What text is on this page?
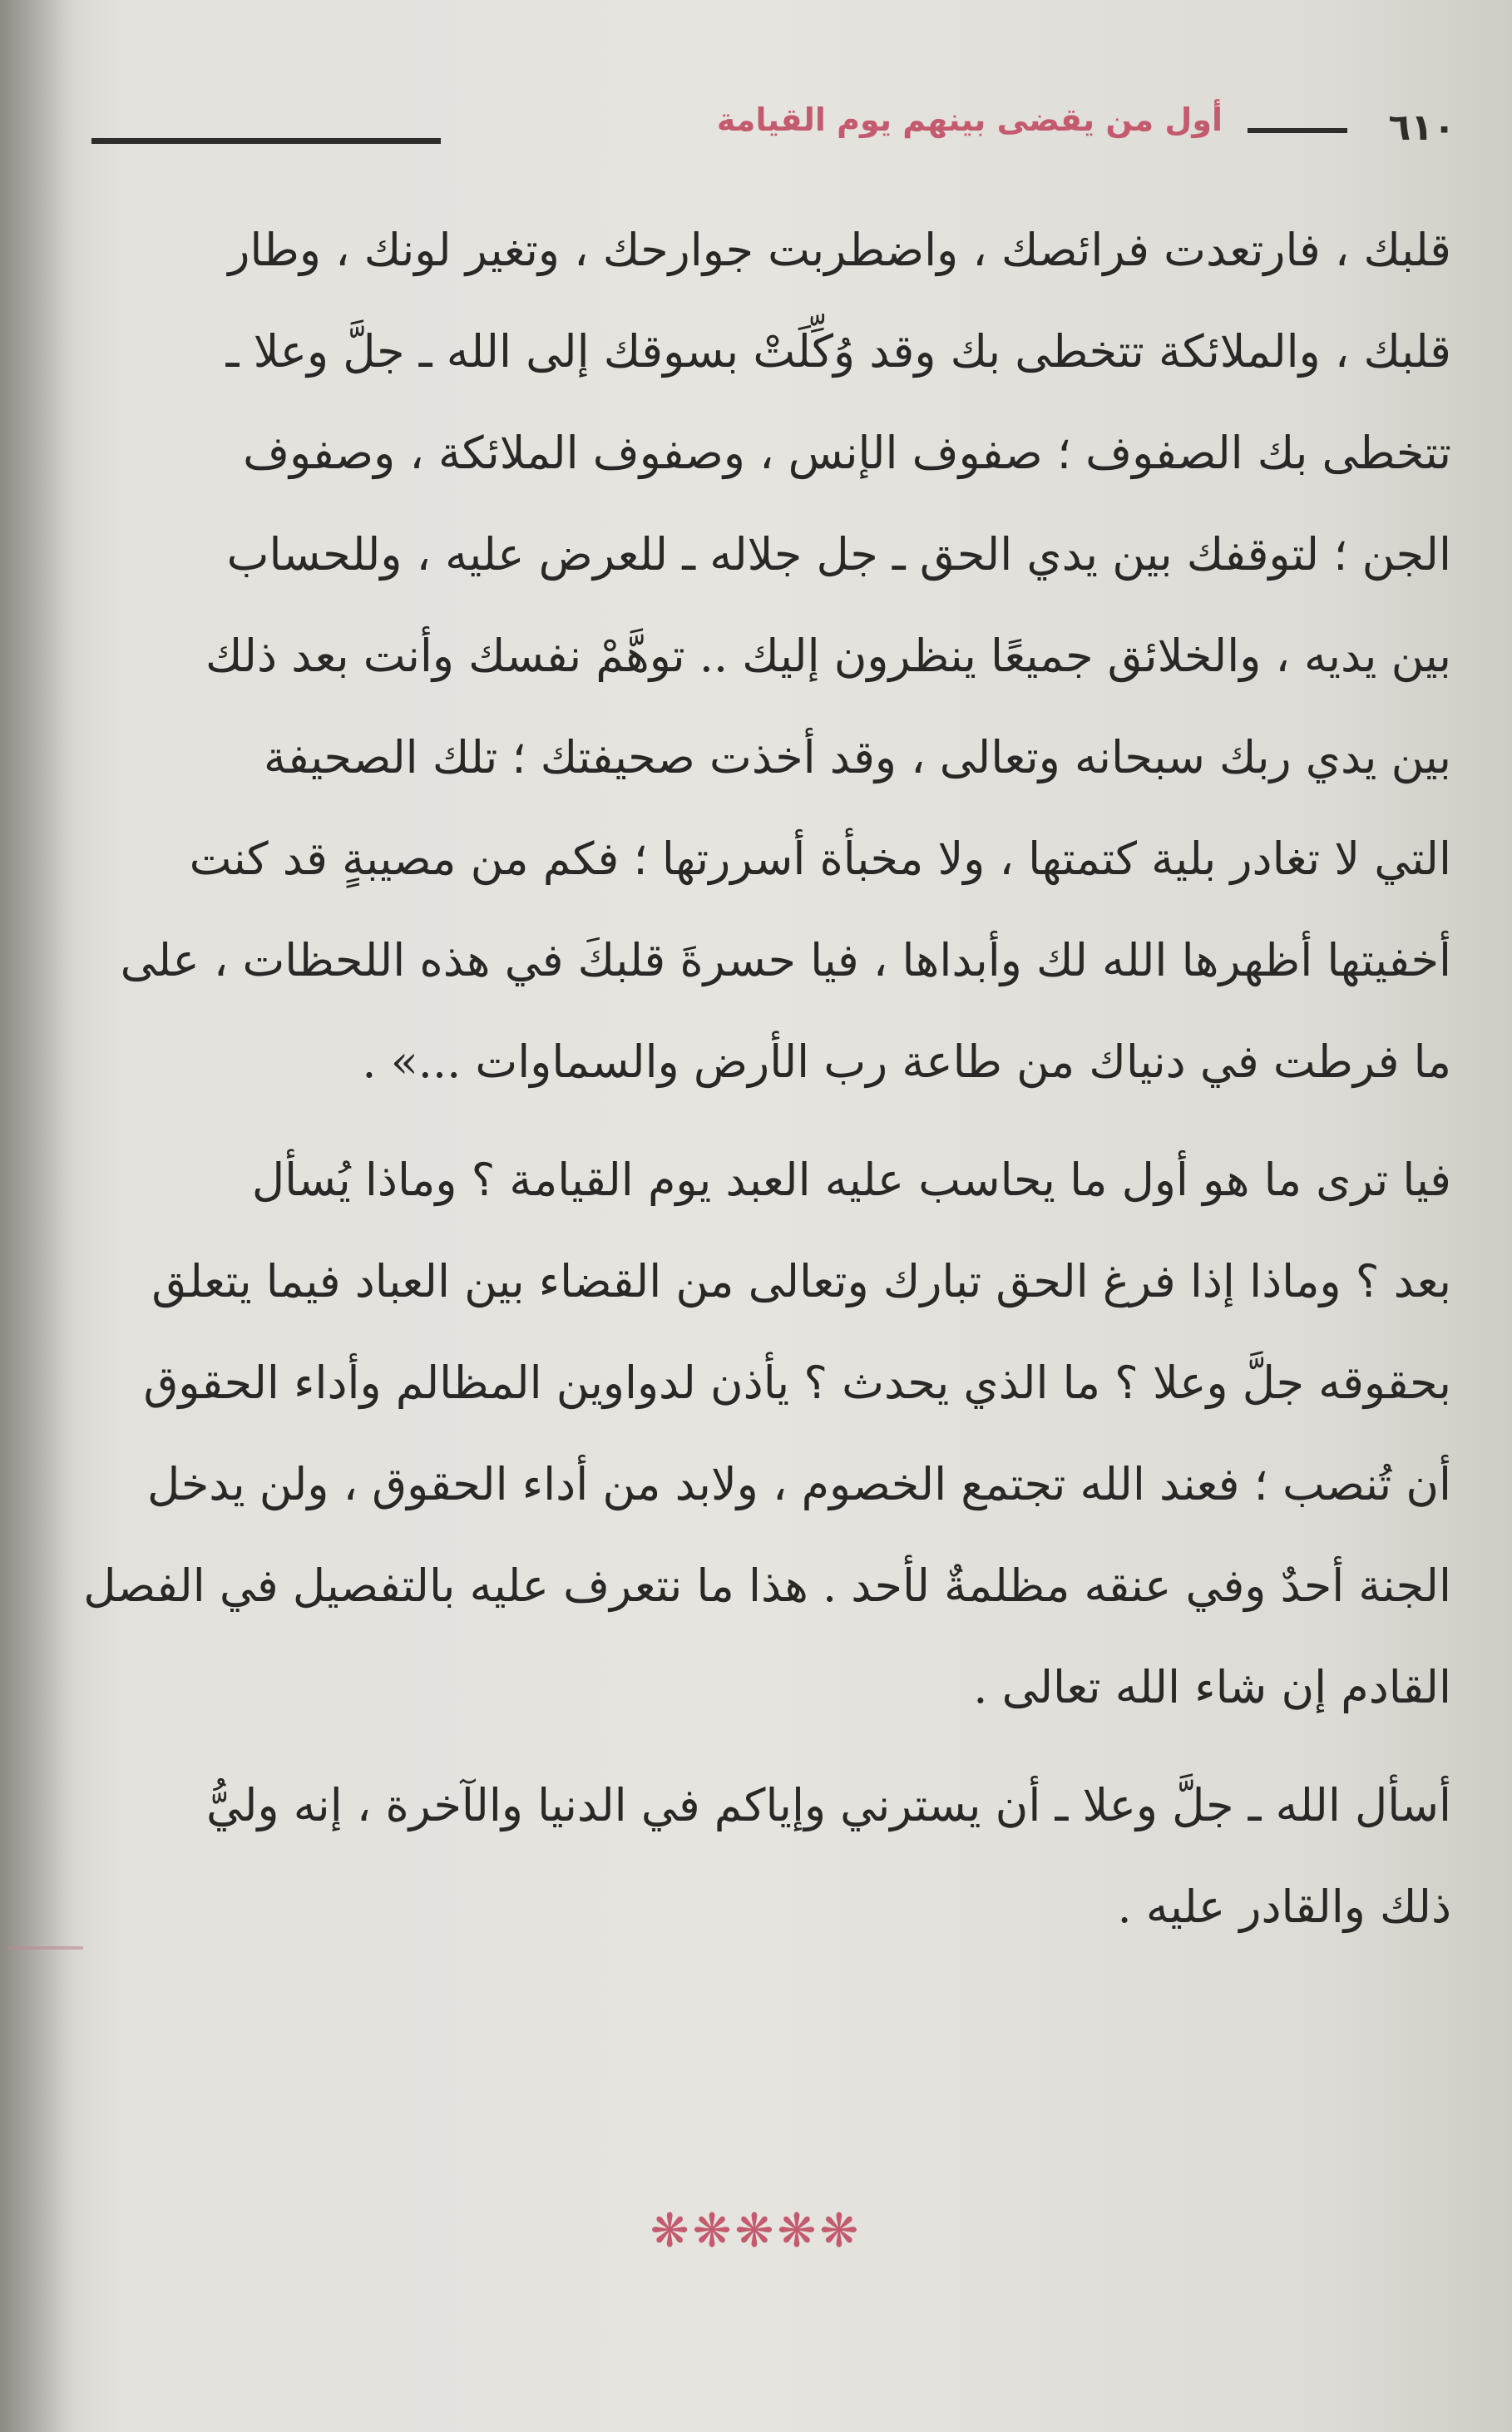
٦١٠
أول من يقضى بينهم يوم القيامة
قلبك ، فارتعدت فرائصك ، واضطربت جوارحك ، وتغير لونك ، وطار
قلبك ، والملائكة تتخطى بك وقد وُكِّلَتْ بسوقك إلى الله ـ جلَّ وعلا ـ
تتخطى بك الصفوف ؛ صفوف الإنس ، وصفوف الملائكة ، وصفوف
الجن ؛ لتوقفك بين يدي الحق ـ جل جلاله ـ للعرض عليه ، وللحساب
بين يديه ، والخلائق جميعًا ينظرون إليك .. توهَّمْ نفسك وأنت بعد ذلك
بين يدي ربك سبحانه وتعالى ، وقد أخذت صحيفتك ؛ تلك الصحيفة
التي لا تغادر بلية كتمتها ، ولا مخبأة أسررتها ؛ فكم من مصيبةٍ قد كنت
أخفيتها أظهرها الله لك وأبداها ، فيا حسرةَ قلبكَ في هذه اللحظات ، على
ما فرطت في دنياك من طاعة رب الأرض والسماوات ...» .
فيا ترى ما هو أول ما يحاسب عليه العبد يوم القيامة ؟ وماذا يُسأل
بعد ؟ وماذا إذا فرغ الحق تبارك وتعالى من القضاء بين العباد فيما يتعلق
بحقوقه جلَّ وعلا ؟ ما الذي يحدث ؟ يأذن لدواوين المظالم وأداء الحقوق
أن تُنصب ؛ فعند الله تجتمع الخصوم ، ولابد من أداء الحقوق ، ولن يدخل
الجنة أحدٌ وفي عنقه مظلمةٌ لأحد . هذا ما نتعرف عليه بالتفصيل في الفصل
القادم إن شاء الله تعالى .
أسأل الله ـ جلَّ وعلا ـ أن يسترني وإياكم في الدنيا والآخرة ، إنه وليُّ
ذلك والقادر عليه .
❋❋❋❋❋
